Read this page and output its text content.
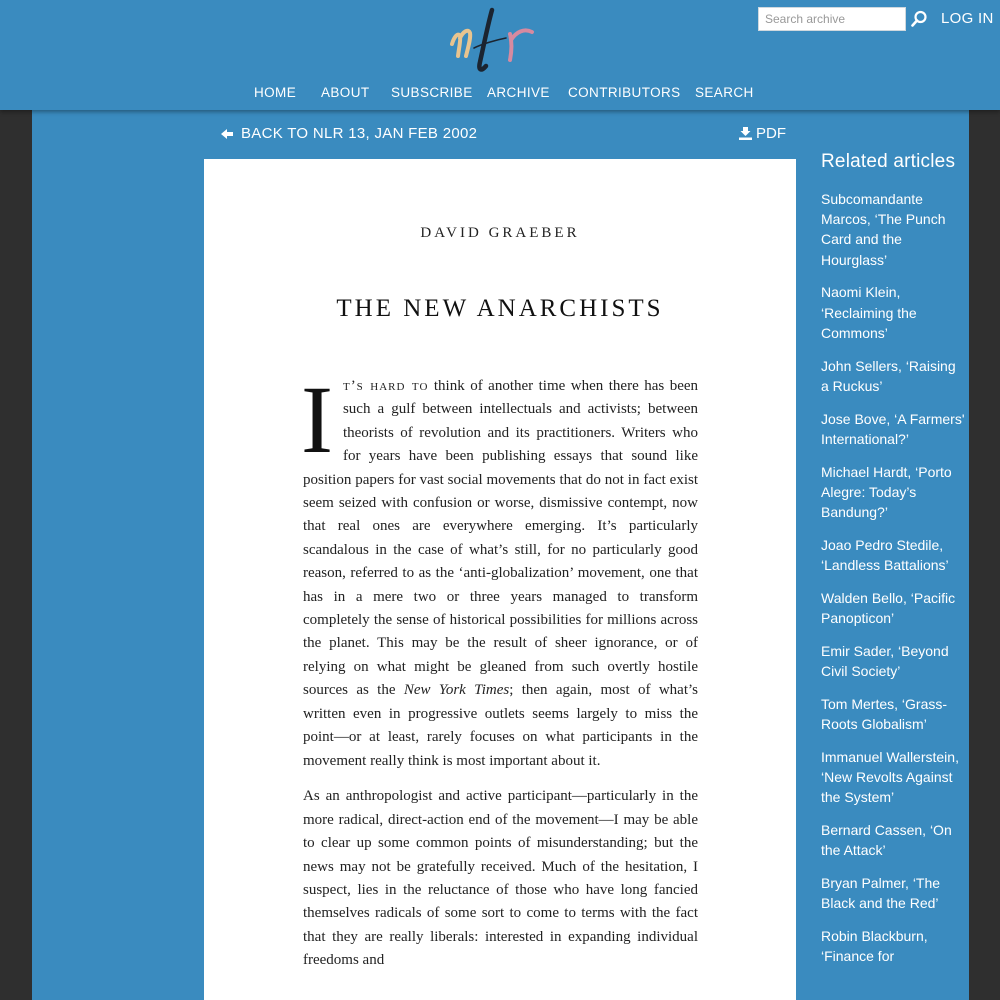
Search archive
LOG IN
HOME ABOUT SUBSCRIBE ARCHIVE CONTRIBUTORS SEARCH
BACK TO NLR 13, JAN FEB 2002	PDF
DAVID GRAEBER
THE NEW ANARCHISTS

It’s hard to think of another time when there has been such a gulf between intellectuals and activists; between theorists of revolution and its practitioners. Writers who for years have been publishing essays that sound like position papers for vast social movements that do not in fact exist seem seized with confusion or worse, dismissive contempt, now that real ones are everywhere emerging. It’s particularly scandalous in the case of what’s still, for no particularly good reason, referred to as the ‘anti-globalization’ movement, one that has in a mere two or three years managed to transform completely the sense of historical possibilities for millions across the planet. This may be the result of sheer ignorance, or of relying on what might be gleaned from such overtly hostile sources as the New York Times; then again, most of what’s written even in progressive outlets seems largely to miss the point—or at least, rarely focuses on what participants in the movement really think is most important about it.

As an anthropologist and active participant—particularly in the more radical, direct-action end of the movement—I may be able to clear up some common points of misunderstanding; but the news may not be gratefully received. Much of the hesitation, I suspect, lies in the reluctance of those who have long fancied themselves radicals of some sort to come to terms with the fact that they are really liberals: interested in expanding individual freedoms and

Related articles
Subcomandante Marcos, ‘The Punch Card and the Hourglass’
Naomi Klein, ‘Reclaiming the Commons’
John Sellers, ‘Raising a Ruckus’
Jose Bove, ‘A Farmers' International?’
Michael Hardt, ‘Porto Alegre: Today’s Bandung?’
Joao Pedro Stedile, ‘Landless Battalions’
Walden Bello, ‘Pacific Panopticon’
Emir Sader, ‘Beyond Civil Society’
Tom Mertes, ‘Grass-Roots Globalism’
Immanuel Wallerstein, ‘New Revolts Against the System’
Bernard Cassen, ‘On the Attack’
Bryan Palmer, ‘The Black and the Red’
Robin Blackburn, ‘Finance for
